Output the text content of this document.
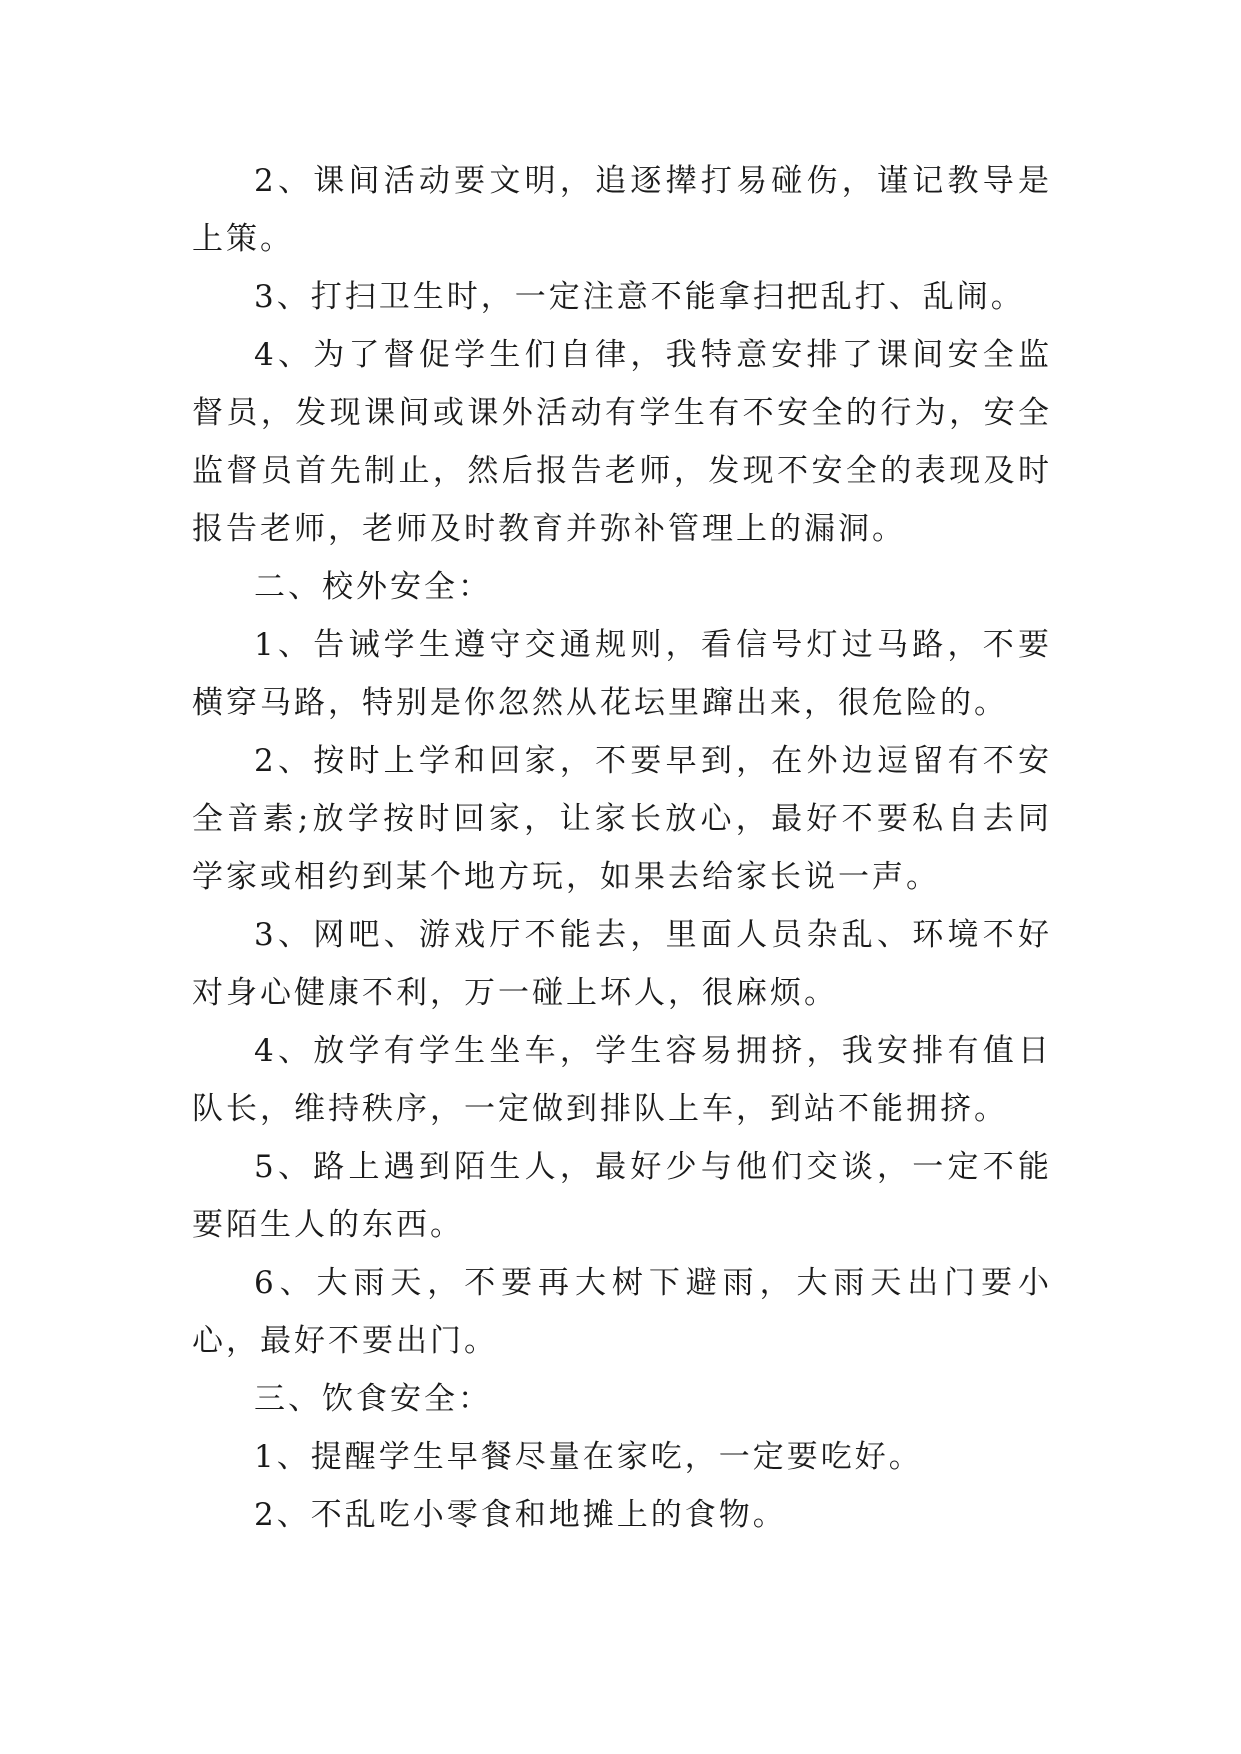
2、课间活动要文明，追逐撵打易碰伤，谨记教导是上策。

3、打扫卫生时，一定注意不能拿扫把乱打、乱闹。

4、为了督促学生们自律，我特意安排了课间安全监督员，发现课间或课外活动有学生有不安全的行为，安全监督员首先制止，然后报告老师，发现不安全的表现及时报告老师，老师及时教育并弥补管理上的漏洞。

二、校外安全：

1、告诫学生遵守交通规则，看信号灯过马路，不要横穿马路，特别是你忽然从花坛里蹿出来，很危险的。

2、按时上学和回家，不要早到，在外边逗留有不安全音素;放学按时回家，让家长放心，最好不要私自去同学家或相约到某个地方玩，如果去给家长说一声。

3、网吧、游戏厅不能去，里面人员杂乱、环境不好对身心健康不利，万一碰上坏人，很麻烦。

4、放学有学生坐车，学生容易拥挤，我安排有值日队长，维持秩序，一定做到排队上车，到站不能拥挤。

5、路上遇到陌生人，最好少与他们交谈，一定不能要陌生人的东西。

6、大雨天，不要再大树下避雨，大雨天出门要小心，最好不要出门。

三、饮食安全：

1、提醒学生早餐尽量在家吃，一定要吃好。

2、不乱吃小零食和地摊上的食物。
